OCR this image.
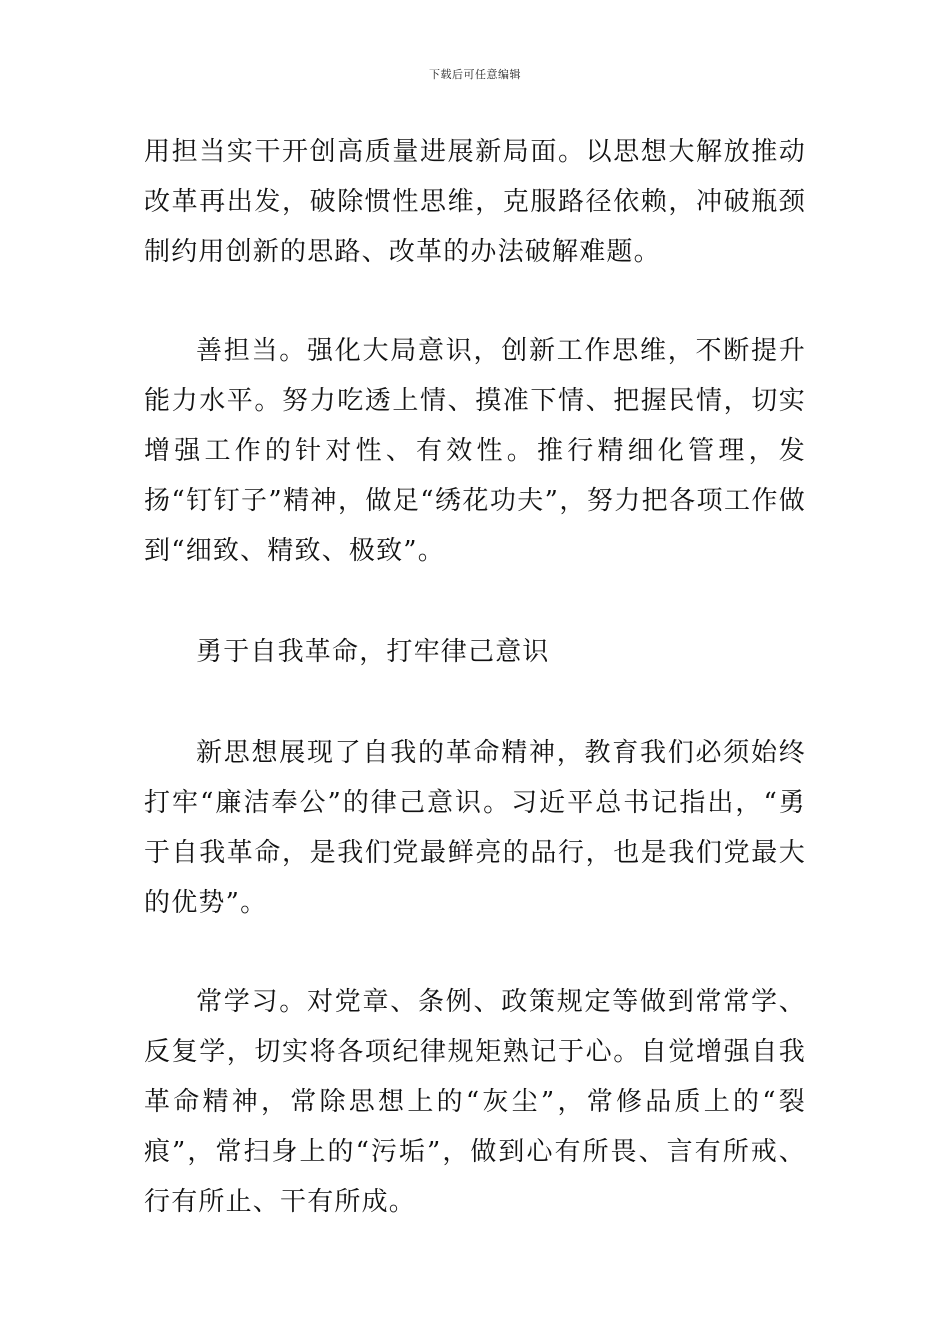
下载后可任意编辑

用担当实干开创高质量进展新局面。以思想大解放推动改革再出发，破除惯性思维，克服路径依赖，冲破瓶颈制约用创新的思路、改革的办法破解难题。

善担当。强化大局意识，创新工作思维，不断提升能力水平。努力吃透上情、摸准下情、把握民情，切实增强工作的针对性、有效性。推行精细化管理，发扬“钉钉子”精神，做足“绣花功夫”，努力把各项工作做到“细致、精致、极致”。

勇于自我革命，打牢律己意识

新思想展现了自我的革命精神，教育我们必须始终打牢“廉洁奉公”的律己意识。习近平总书记指出，“勇于自我革命，是我们党最鲜亮的品行，也是我们党最大的优势”。

常学习。对党章、条例、政策规定等做到常常学、反复学，切实将各项纪律规矩熟记于心。自觉增强自我革命精神，常除思想上的“灰尘”，常修品质上的“裂痕”，常扫身上的“污垢”，做到心有所畏、言有所戒、行有所止、干有所成。
